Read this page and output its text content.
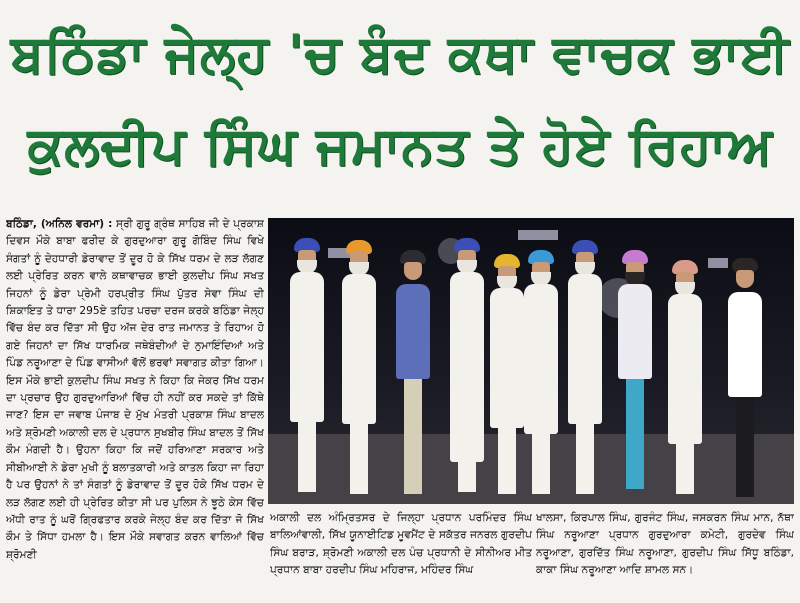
ਬਠਿੰਡਾ ਜੇਲ੍ਹ 'ਚ ਬੰਦ ਕਥਾ ਵਾਚਕ ਭਾਈ
ਕੁਲਦੀਪ ਸਿੰਘ ਜਮਾਨਤ ਤੇ ਹੋਏ ਰਿਹਾਅ

ਬਠਿੰਡਾ, (ਅਨਿਲ ਵਰਮਾ) : ਸ੍ਰੀ ਗੁਰੂ ਗ੍ਰੰਥ ਸਾਹਿਬ ਜੀ ਦੇ ਪ੍ਰਕਾਸ਼ ਦਿਵਸ ਮੌਕੇ ਬਾਬਾ ਫਰੀਦ ਕੇ ਗੁਰਦੁਆਰਾ ਗੁਰੂ ਗੋਬਿੰਦ ਸਿੰਘ ਵਿਖੇ ਸੰਗਤਾਂ ਨੂੰ ਦੇਹਧਾਰੀ ਡੇਰਾਵਾਦ ਤੋਂ ਦੂਰ ਹੋ ਕੇ ਸਿੱਖ ਧਰਮ ਦੇ ਲੜ ਲੱਗਣ ਲਈ ਪ੍ਰੇਰਿਤ ਕਰਨ ਵਾਲੇ ਕਥਾਵਾਚਕ ਭਾਈ ਕੁਲਦੀਪ ਸਿੰਘ ਸਖਤ ਜਿਹਨਾਂ ਨੂੰ ਡੇਰਾ ਪ੍ਰੇਮੀ ਹਰਪ੍ਰੀਤ ਸਿੰਘ ਪੁੱਤਰ ਸੇਵਾ ਸਿੰਘ ਦੀ ਸ਼ਿਕਾਇਤ ਤੇ ਧਾਰਾ 295ਏ ਤਹਿਤ ਪਰਚਾ ਦਰਜ ਕਰਕੇ ਬਠਿੰਡਾ ਜੇਲ੍ਹ ਵਿੱਚ ਬੰਦ ਕਰ ਦਿੱਤਾ ਸੀ ਉਹ ਅੱਜ ਦੇਰ ਰਾਤ ਜਮਾਨਤ ਤੇ ਰਿਹਾਅ ਹੋ ਗਏ ਜਿਹਨਾਂ ਦਾ ਸਿੱਖ ਧਾਰਮਿਕ ਜਥੇਬੰਦੀਆਂ ਦੇ ਨੁਮਾਇੰਦਿਆਂ ਅਤੇ ਪਿੰਡ ਨਰੂਆਣਾ ਦੇ ਪਿੰਡ ਵਾਸੀਆਂ ਵੱਲੋਂ ਭਰਵਾਂ ਸਵਾਗਤ ਕੀਤਾ ਗਿਆ। ਇਸ ਮੌਕੇ ਭਾਈ ਕੁਲਦੀਪ ਸਿੰਘ ਸਖਤ ਨੇ ਕਿਹਾ ਕਿ ਜੇਕਰ ਸਿੱਖ ਧਰਮ ਦਾ ਪ੍ਰਚਾਰ ਉਹ ਗੁਰਦੁਆਰਿਆਂ ਵਿੱਚ ਹੀ ਨਹੀਂ ਕਰ ਸਕਦੇ ਤਾਂ ਕਿੱਥੇ ਜਾਣ? ਇਸ ਦਾ ਜਵਾਬ ਪੰਜਾਬ ਦੇ ਮੁੱਖ ਮੰਤਰੀ ਪ੍ਰਕਾਸ਼ ਸਿੰਘ ਬਾਦਲ ਅਤੇ ਸ਼੍ਰੋਮਣੀ ਅਕਾਲੀ ਦਲ ਦੇ ਪ੍ਰਧਾਨ ਸੁਖਬੀਰ ਸਿੰਘ ਬਾਦਲ ਤੋਂ ਸਿੱਖ ਕੌਮ ਮੰਗਦੀ ਹੈ। ਉਹਨਾ ਕਿਹਾ ਕਿ ਜਦੋਂ ਹਰਿਆਣਾ ਸਰਕਾਰ ਅਤੇ ਸੀਬੀਆਈ ਨੇ ਡੇਰਾ ਮੁਖੀ ਨੂੰ ਬਲਾਤਕਾਰੀ ਅਤੇ ਕਾਤਲ ਕਿਹਾ ਜਾ ਰਿਹਾ ਹੈ ਪਰ ਉਹਨਾਂ ਨੇ ਤਾਂ ਸੰਗਤਾਂ ਨੂੰ ਡੇਰਾਵਾਦ ਤੋਂ ਦੂਰ ਹੋਕੇ ਸਿੱਖ ਧਰਮ ਦੇ ਲੜ ਲੱਗਣ ਲਈ ਹੀ ਪ੍ਰੇਰਿਤ ਕੀਤਾ ਸੀ ਪਰ ਪੁਲਿਸ ਨੇ ਝੂਠੇ ਕੇਸ ਵਿੱਚ ਅੱਧੀ ਰਾਤ ਨੂੰ ਘਰੋਂ ਗ੍ਰਿਫਤਾਰ ਕਰਕੇ ਜੇਲ੍ਹ ਬੰਦ ਕਰ ਦਿੱਤਾ ਜੋ ਸਿੱਖ ਕੌਮ ਤੇ ਸਿੱਧਾ ਹਮਲਾ ਹੈ। ਇਸ ਮੌਕੇ ਸਵਾਗਤ ਕਰਨ ਵਾਲਿਆਂ ਵਿੱਚ ਸ਼੍ਰੋਮਣੀ

ਅਕਾਲੀ ਦਲ ਅੰਮ੍ਰਿਤਸਰ ਦੇ ਜਿਲ੍ਹਾ ਪ੍ਰਧਾਨ ਪਰਮਿੰਦਰ ਸਿੰਘ ਬਾਲਿਆਂਵਾਲੀ, ਸਿੱਖ ਯੂਨਾਈਟਿਡ ਮੂਵਮੈਂਟ ਦੇ ਸਕੱਤਰ ਜਨਰਲ ਗੁਰਦੀਪ ਸਿੰਘ ਬਰਾੜ, ਸ਼੍ਰੋਮਣੀ ਅਕਾਲੀ ਦਲ ਪੰਚ ਪ੍ਰਧਾਨੀ ਦੇ ਸੀਨੀਅਰ ਮੀਤ ਪ੍ਰਧਾਨ ਬਾਬਾ ਹਰਦੀਪ ਸਿੰਘ ਮਹਿਰਾਜ, ਮਹਿੰਦਰ ਸਿੰਘ

ਖਾਲਸਾ, ਕਿਰਪਾਲ ਸਿੰਘ, ਗੁਰਜੰਟ ਸਿੰਘ, ਜਸਕਰਨ ਸਿੰਘ ਮਾਨ, ਨੱਥਾ ਸਿੰਘ ਨਰੂਆਣਾ ਪ੍ਰਧਾਨ ਗੁਰਦੁਆਰਾ ਕਮੇਟੀ, ਗੁਰਦੇਵ ਸਿੰਘ ਨਰੂਆਣਾ, ਗੁਰਦਿੱਤ ਸਿੰਘ ਨਰੂਆਣਾ, ਗੁਰਦੀਪ ਸਿੰਘ ਸਿੱਧੂ ਬਠਿੰਡਾ, ਕਾਕਾ ਸਿੰਘ ਨਰੂਆਣਾ ਆਦਿ ਸ਼ਾਮਲ ਸਨ।
